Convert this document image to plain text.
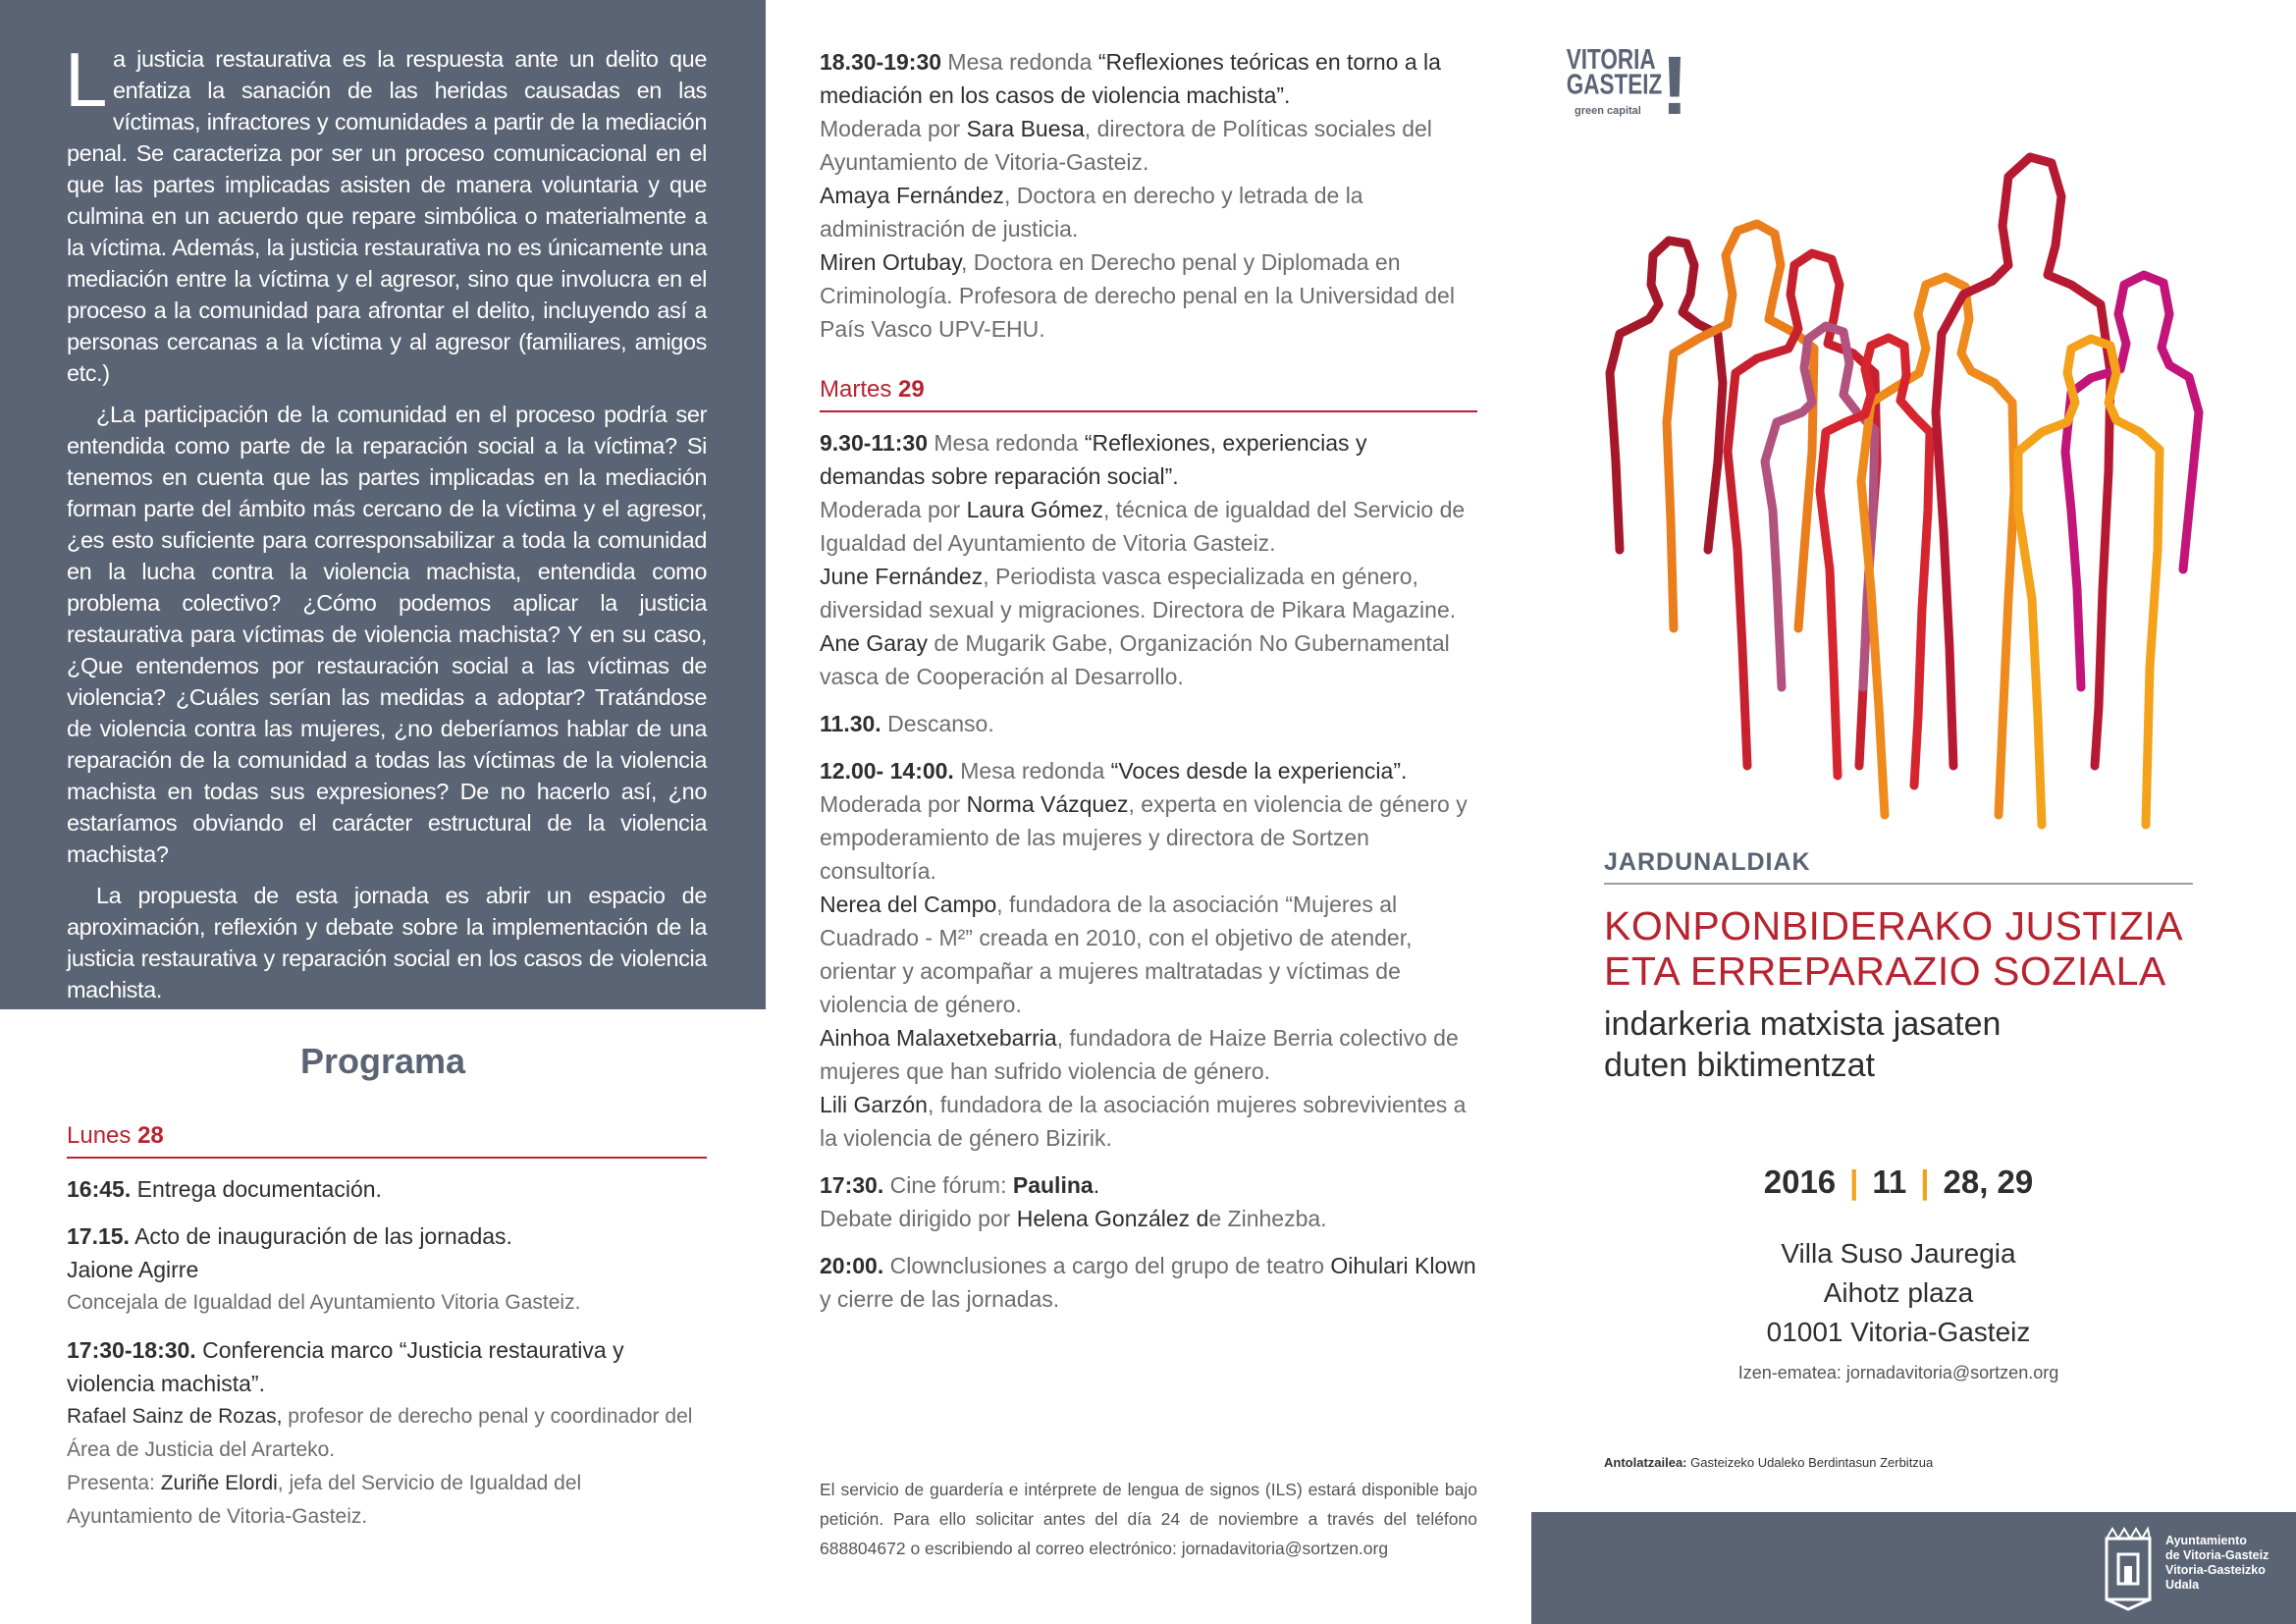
La justicia restaurativa es la respuesta ante un delito que enfatiza la sanación de las heridas causadas en las víctimas, infractores y comunidades a partir de la mediación penal. Se caracteriza por ser un proceso comunicacional en el que las partes implicadas asisten de manera voluntaria y que culmina en un acuerdo que repare simbólica o materialmente a la víctima. Además, la justicia restaurativa no es únicamente una mediación entre la víctima y el agresor, sino que involucra en el proceso a la comunidad para afrontar el delito, incluyendo así a personas cercanas a la víctima y al agresor (familiares, amigos etc.)

¿La participación de la comunidad en el proceso podría ser entendida como parte de la reparación social a la víctima? Si tenemos en cuenta que las partes implicadas en la mediación forman parte del ámbito más cercano de la víctima y el agresor, ¿es esto suficiente para corresponsabilizar a toda la comunidad en la lucha contra la violencia machista, entendida como problema colectivo? ¿Cómo podemos aplicar la justicia restaurativa para víctimas de violencia machista? Y en su caso, ¿Que entendemos por restauración social a las víctimas de violencia? ¿Cuáles serían las medidas a adoptar? Tratándose de violencia contra las mujeres, ¿no deberíamos hablar de una reparación de la comunidad a todas las víctimas de la violencia machista en todas sus expresiones? De no hacerlo así, ¿no estaríamos obviando el carácter estructural de la violencia machista?

La propuesta de esta jornada es abrir un espacio de aproximación, reflexión y debate sobre la implementación de la justicia restaurativa y reparación social en los casos de violencia machista.

Programa
Lunes 28

16:45. Entrega documentación.

17.15. Acto de inauguración de las jornadas.

Jaione Agirre

Concejala de Igualdad del Ayuntamiento Vitoria Gasteiz.

17:30-18:30. Conferencia marco “Justicia restaurativa y violencia machista”.

Rafael Sainz de Rozas, profesor de derecho penal y coordinador del Área de Justicia del Ararteko.

Presenta: Zuriñe Elordi, jefa del Servicio de Igualdad del Ayuntamiento de Vitoria-Gasteiz.

18.30-19:30 Mesa redonda “Reflexiones teóricas en torno a la mediación en los casos de violencia machista”.

Moderada por Sara Buesa, directora de Políticas sociales del Ayuntamiento de Vitoria-Gasteiz.

Amaya Fernández, Doctora en derecho y letrada de la administración de justicia.

Miren Ortubay, Doctora en Derecho penal y Diplomada en Criminología. Profesora de derecho penal en la Universidad del País Vasco UPV-EHU.

Martes 29

9.30-11:30 Mesa redonda “Reflexiones, experiencias y demandas sobre reparación social”.

Moderada por Laura Gómez, técnica de igualdad del Servicio de Igualdad del Ayuntamiento de Vitoria Gasteiz.

June Fernández, Periodista vasca especializada en género, diversidad sexual y migraciones. Directora de Pikara Magazine.

Ane Garay de Mugarik Gabe, Organización No Gubernamental vasca de Cooperación al Desarrollo.

11.30. Descanso.

12.00- 14:00. Mesa redonda “Voces desde la experiencia”.

Moderada por Norma Vázquez, experta en violencia de género y empoderamiento de las mujeres y directora de Sortzen consultoría.

Nerea del Campo, fundadora de la asociación “Mujeres al Cuadrado - M²” creada en 2010, con el objetivo de atender, orientar y acompañar a mujeres maltratadas y víctimas de violencia de género.

Ainhoa Malaxetxebarria, fundadora de Haize Berria colectivo de mujeres que han sufrido violencia de género.

Lili Garzón, fundadora de la asociación mujeres sobrevivientes a la violencia de género Bizirik.

17:30. Cine fórum: Paulina.

Debate dirigido por Helena González de Zinhezba.

20:00. Clownclusiones a cargo del grupo de teatro Oihulari Klown y cierre de las jornadas.

El servicio de guardería e intérprete de lengua de signos (ILS) estará disponible bajo petición. Para ello solicitar antes del día 24 de noviembre a través del teléfono 688804672 o escribiendo al correo electrónico: jornadavitoria@sortzen.org
VITORIA
GASTEIZ
green capital !
JARDUNALDIAK
KONPONBIDERAKO JUSTIZIA
ETA ERREPARAZIO SOZIALA
indarkeria matxista jasaten
duten biktimentzat
2016 | 11 | 28, 29
Villa Suso Jauregia
Aihotz plaza
01001 Vitoria-Gasteiz
Izen-ematea: jornadavitoria@sortzen.org
Antolatzailea: Gasteizeko Udaleko Berdintasun Zerbitzua
Ayuntamiento
de Vitoria-Gasteiz
Vitoria-Gasteizko
Udala
